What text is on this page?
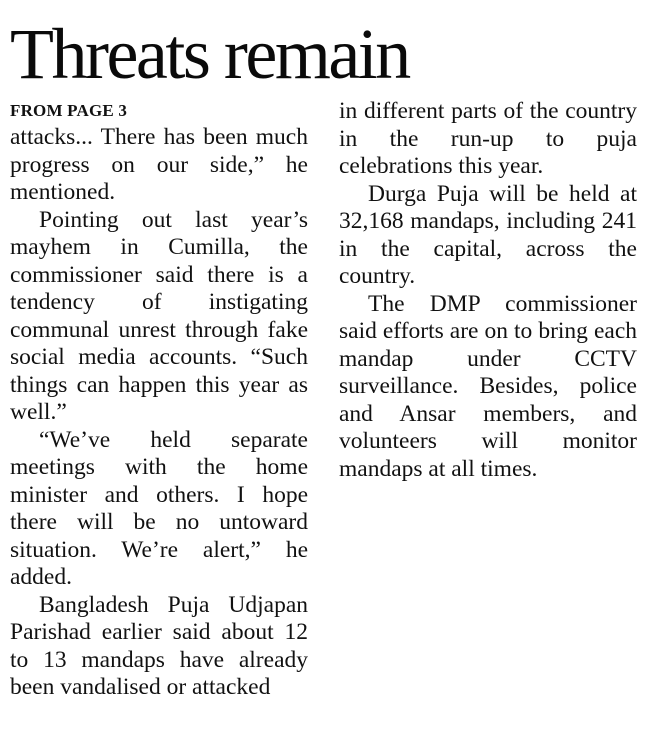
Threats remain
FROM PAGE 3

attacks... There has been much progress on our side,” he mentioned.

Pointing out last year’s mayhem in Cumilla, the commissioner said there is a tendency of instigating communal unrest through fake social media accounts. “Such things can happen this year as well.”

“We’ve held separate meetings with the home minister and others. I hope there will be no untoward situation. We’re alert,” he added.

Bangladesh Puja Udjapan Parishad earlier said about 12 to 13 mandaps have already been vandalised or attacked

in different parts of the country in the run-up to puja celebrations this year.

Durga Puja will be held at 32,168 mandaps, including 241 in the capital, across the country.

The DMP commissioner said efforts are on to bring each mandap under CCTV surveillance. Besides, police and Ansar members, and volunteers will monitor mandaps at all times.
